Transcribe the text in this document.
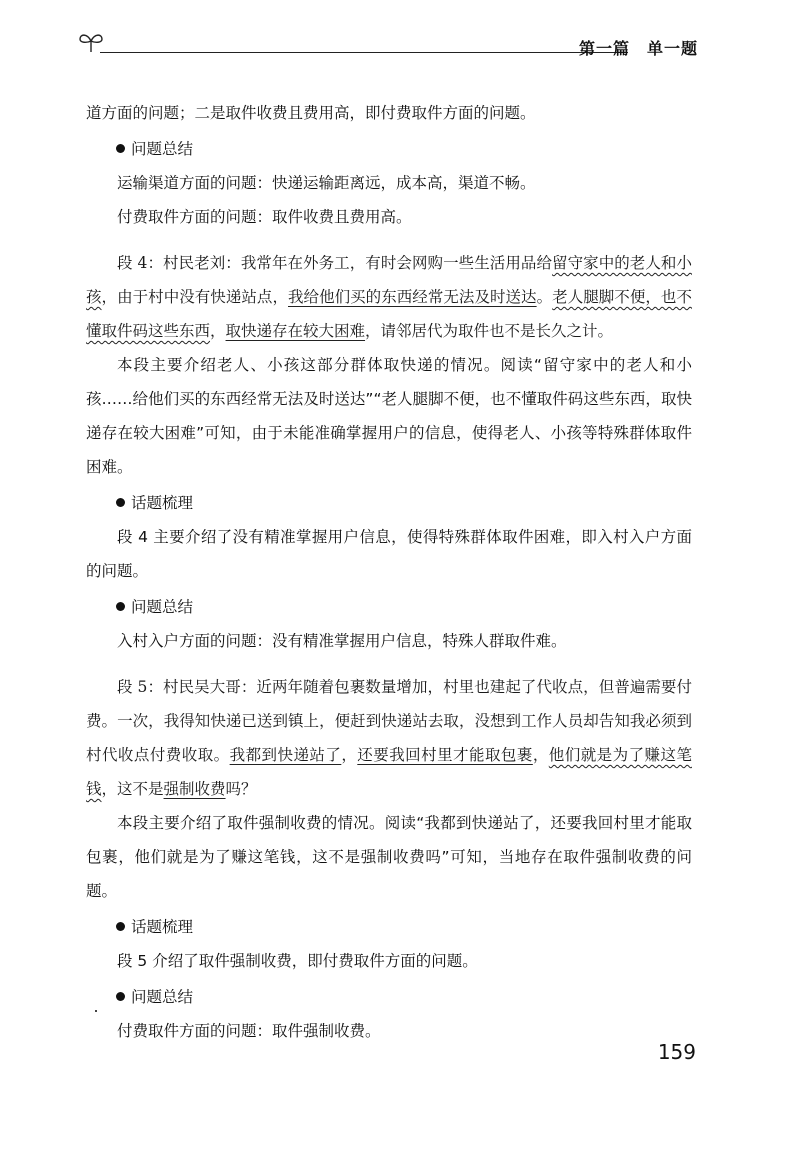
第一篇　单一题

道方面的问题；二是取件收费且费用高，即付费取件方面的问题。

问题总结

运输渠道方面的问题：快递运输距离远，成本高，渠道不畅。

付费取件方面的问题：取件收费且费用高。

段 4：村民老刘：我常年在外务工，有时会网购一些生活用品给留守家中的老人和小孩，由于村中没有快递站点，我给他们买的东西经常无法及时送达。老人腿脚不便，也不懂取件码这些东西，取快递存在较大困难，请邻居代为取件也不是长久之计。

本段主要介绍老人、小孩这部分群体取快递的情况。阅读“留守家中的老人和小孩……给他们买的东西经常无法及时送达”“老人腿脚不便，也不懂取件码这些东西，取快递存在较大困难”可知，由于未能准确掌握用户的信息，使得老人、小孩等特殊群体取件困难。

话题梳理

段 4 主要介绍了没有精准掌握用户信息，使得特殊群体取件困难，即入村入户方面的问题。

问题总结

入村入户方面的问题：没有精准掌握用户信息，特殊人群取件难。

段 5：村民吴大哥：近两年随着包裹数量增加，村里也建起了代收点，但普遍需要付费。一次，我得知快递已送到镇上，便赶到快递站去取，没想到工作人员却告知我必须到村代收点付费收取。我都到快递站了，还要我回村里才能取包裹，他们就是为了赚这笔钱，这不是强制收费吗？

本段主要介绍了取件强制收费的情况。阅读“我都到快递站了，还要我回村里才能取包裹，他们就是为了赚这笔钱，这不是强制收费吗”可知，当地存在取件强制收费的问题。

话题梳理

段 5 介绍了取件强制收费，即付费取件方面的问题。

问题总结

付费取件方面的问题：取件强制收费。

159
